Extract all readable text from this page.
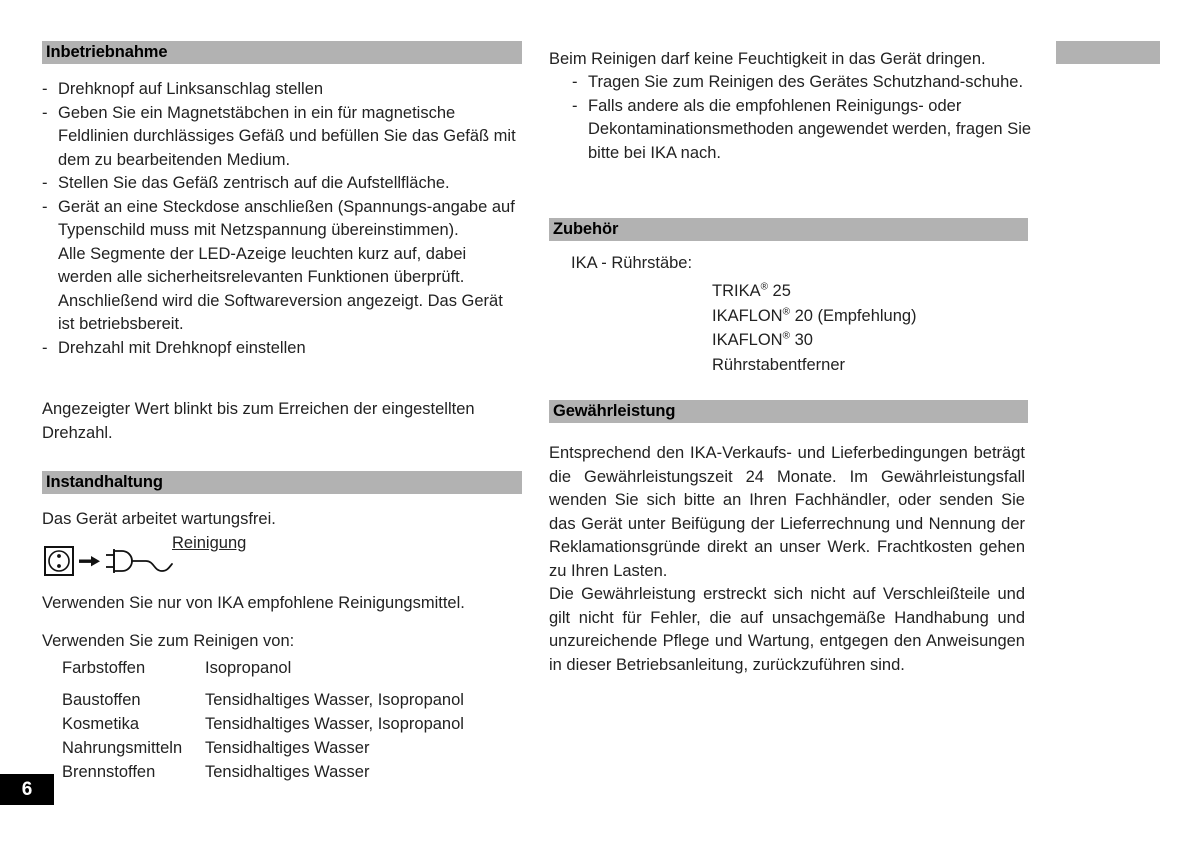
Inbetriebnahme
- Drehknopf auf Linksanschlag stellen
- Geben Sie ein Magnetstäbchen in ein für magnetische Feldlinien durchlässiges Gefäß und befüllen Sie das Gefäß mit dem zu bearbeitenden Medium.
- Stellen Sie das Gefäß zentrisch auf die Aufstellfläche.
- Gerät an eine Steckdose anschließen (Spannungs-angabe auf Typenschild muss mit Netzspannung übereinstimmen).
Alle Segmente der LED-Azeige leuchten kurz auf, dabei werden alle sicherheitsrelevanten Funktionen überprüft. Anschließend wird die Softwareversion angezeigt. Das Gerät ist betriebsbereit.
- Drehzahl mit Drehknopf einstellen
Angezeigter Wert blinkt bis zum Erreichen der eingestellten Drehzahl.
Instandhaltung
Das Gerät arbeitet wartungsfrei.
Reinigung
Verwenden Sie nur von IKA empfohlene Reinigungsmittel.
Verwenden Sie zum Reinigen von:
Farbstoffen	Isopropanol
Baustoffen	Tensidhaltiges Wasser, Isopropanol
Kosmetika	Tensidhaltiges Wasser, Isopropanol
Nahrungsmitteln	Tensidhaltiges Wasser
Brennstoffen	Tensidhaltiges Wasser
Beim Reinigen darf keine Feuchtigkeit in das Gerät dringen.
- Tragen Sie zum Reinigen des Gerätes Schutzhand-schuhe.
- Falls andere als die empfohlenen Reinigungs- oder Dekontaminationsmethoden angewendet werden, fragen Sie bitte bei IKA nach.
Zubehör
IKA - Rührstäbe:
TRIKA® 25
IKAFLON® 20 (Empfehlung)
IKAFLON® 30
Rührstabentferner
Gewährleistung
Entsprechend den IKA-Verkaufs- und Lieferbedingungen beträgt die Gewährleistungszeit 24 Monate. Im Gewährleistungsfall wenden Sie sich bitte an Ihren Fachhändler, oder senden Sie das Gerät unter Beifügung der Lieferrechnung und Nennung der Reklamationsgründe direkt an unser Werk. Frachtkosten gehen zu Ihren Lasten.
Die Gewährleistung erstreckt sich nicht auf Verschleißteile und gilt nicht für Fehler, die auf unsachgemäße Handhabung und unzureichende Pflege und Wartung, entgegen den Anweisungen in dieser Betriebsanleitung, zurückzuführen sind.
6
